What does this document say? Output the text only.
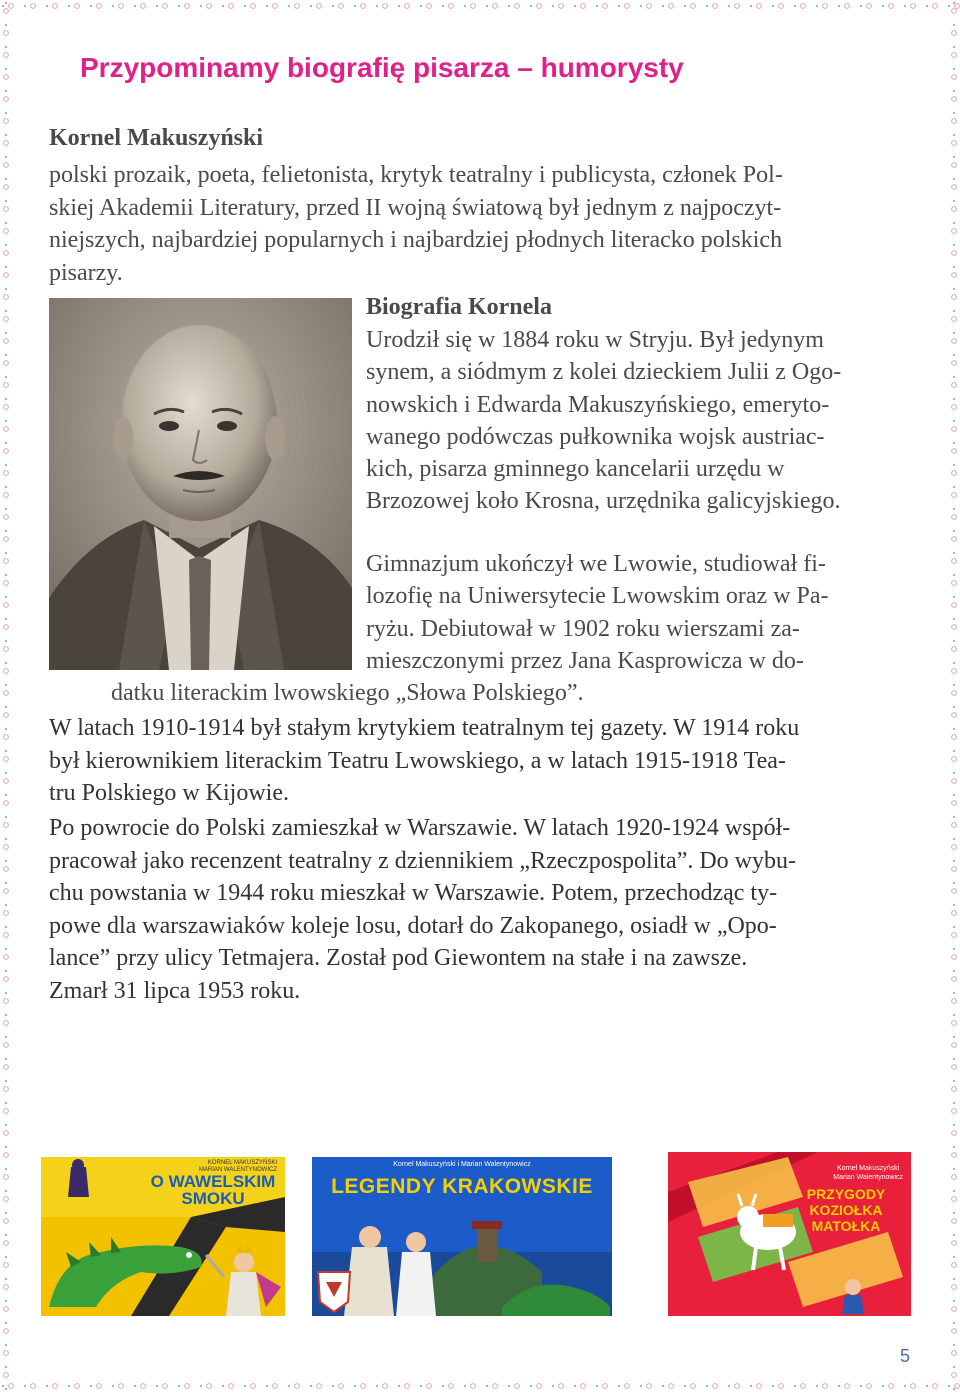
Przypominamy biografię pisarza – humorysty
Kornel Makuszyński
polski prozaik, poeta, felietonista, krytyk teatralny i publicysta, członek Pol-
skiej Akademii Literatury, przed II wojną światową był jednym z najpoczyt-
niejszych, najbardziej popularnych i najbardziej płodnych literacko polskich
pisarzy.
Biografia Kornela
Urodził się w 1884 roku w Stryju. Był jedynym
synem, a siódmym z kolei dzieckiem Julii z Ogo-
nowskich i Edwarda Makuszyńskiego, emeryto-
wanego podówczas pułkownika wojsk austriac-
kich, pisarza gminnego kancelarii urzędu w
Brzozowej koło Krosna, urzędnika galicyjskiego.
Gimnazjum ukończył we Lwowie, studiował fi-
lozofię na Uniwersytecie Lwowskim oraz w Pa-
ryżu. Debiutował w 1902 roku wierszami za-
mieszczonymi przez Jana Kasprowicza w do-
datku literackim lwowskiego „Słowa Polskiego”.
W latach 1910-1914 był stałym krytykiem teatralnym tej gazety. W 1914 roku
był kierownikiem literackim Teatru Lwowskiego, a w latach 1915-1918 Tea-
tru Polskiego w Kijowie.
Po powrocie do Polski zamieszkał w Warszawie. W latach 1920-1924 współ-
pracował jako recenzent teatralny z dziennikiem „Rzeczpospolita”. Do wybu-
chu powstania w 1944 roku mieszkał w Warszawie. Potem, przechodząc ty-
powe dla warszawiaków koleje losu, dotarł do Zakopanego, osiadł w „Opo-
lance” przy ulicy Tetmajera. Został pod Giewontem na stałe i na zawsze.
Zmarł 31 lipca 1953 roku.
KORNEL MAKUSZYŃSKI
MARIAN WALENTYNOWICZ
O WAWELSKIM
SMOKU
Kornel Makuszyński i Marian Walentynowicz
LEGENDY KRAKOWSKIE
Kornel Makuszyński
Marian Walentynowicz
PRZYGODY
KOZIOŁKA
MATOŁKA
5
